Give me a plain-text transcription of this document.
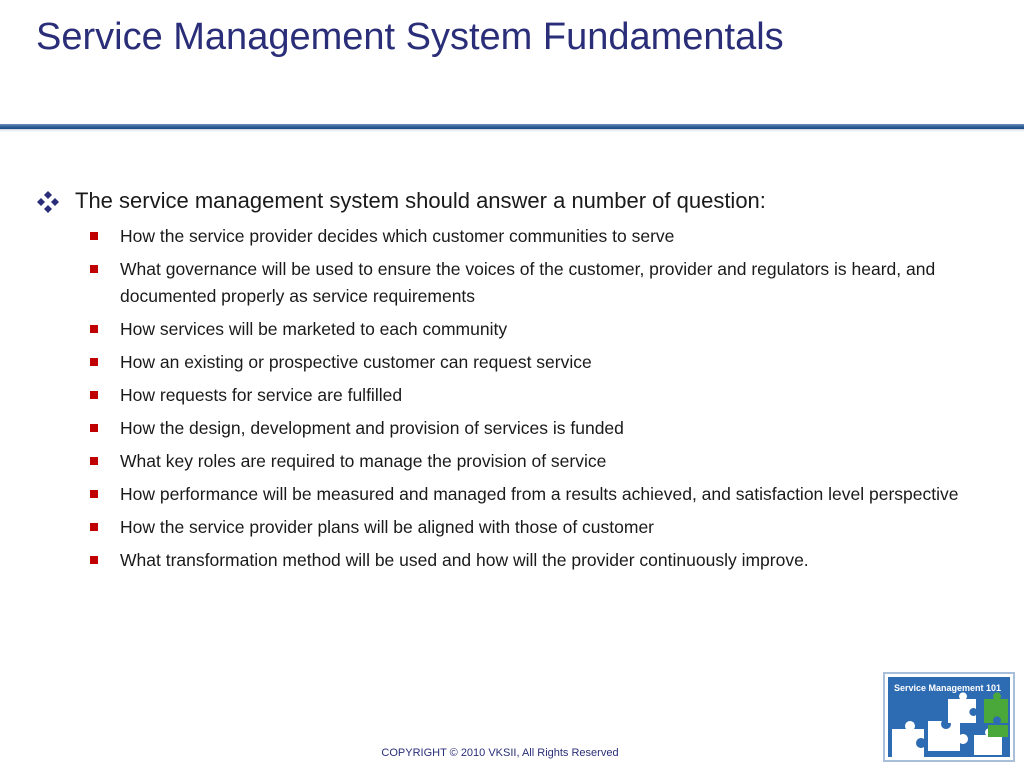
Service Management System Fundamentals
The service management system should answer a number of question:
How the service provider decides which customer communities to serve
What governance will be used to ensure the voices of the customer, provider and regulators is heard, and documented properly as service requirements
How services will be marketed to each community
How an existing or prospective customer can request service
How requests for service are fulfilled
How the design, development and provision of services is funded
What key roles are required to manage the provision of service
How performance will be measured and managed from a results achieved, and satisfaction level perspective
How the service provider plans will be aligned with those of customer
What transformation method will be used and how will the provider continuously improve.
Service Management 101
COPYRIGHT © 2010 VKSII, All Rights Reserved
